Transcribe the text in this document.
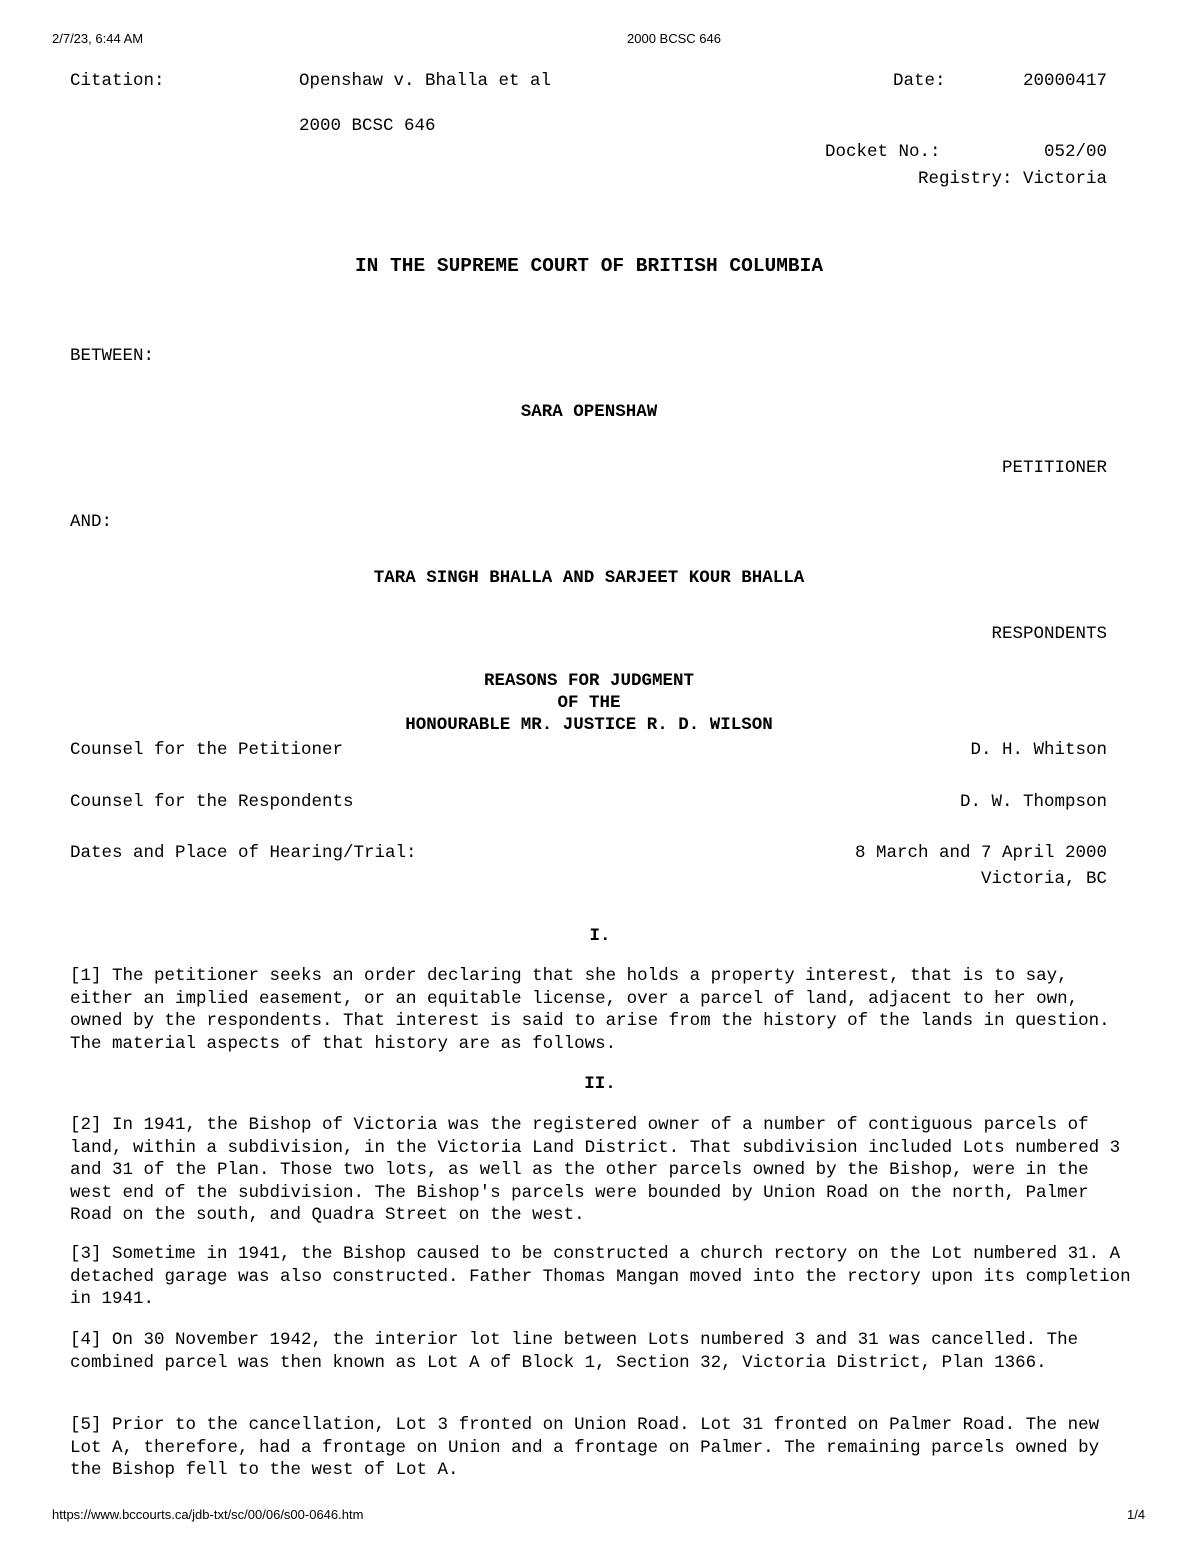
2/7/23, 6:44 AM	2000 BCSC 646
Citation:	Openshaw v. Bhalla et al	Date:	20000417
2000 BCSC 646
Docket No.:	052/00
Registry: Victoria
IN THE SUPREME COURT OF BRITISH COLUMBIA
BETWEEN:
SARA OPENSHAW
PETITIONER
AND:
TARA SINGH BHALLA AND SARJEET KOUR BHALLA
RESPONDENTS
REASONS FOR JUDGMENT
OF THE
HONOURABLE MR. JUSTICE R. D. WILSON
Counsel for the Petitioner	D. H. Whitson
Counsel for the Respondents	D. W. Thompson
Dates and Place of Hearing/Trial:	8 March and 7 April 2000
Victoria, BC
I.

[1] The petitioner seeks an order declaring that she holds a property interest, that is to say, either an implied easement, or an equitable license, over a parcel of land, adjacent to her own, owned by the respondents. That interest is said to arise from the history of the lands in question. The material aspects of that history are as follows.

II.

[2] In 1941, the Bishop of Victoria was the registered owner of a number of contiguous parcels of land, within a subdivision, in the Victoria Land District. That subdivision included Lots numbered 3 and 31 of the Plan. Those two lots, as well as the other parcels owned by the Bishop, were in the west end of the subdivision. The Bishop's parcels were bounded by Union Road on the north, Palmer Road on the south, and Quadra Street on the west.

[3] Sometime in 1941, the Bishop caused to be constructed a church rectory on the Lot numbered 31. A detached garage was also constructed. Father Thomas Mangan moved into the rectory upon its completion in 1941.

[4] On 30 November 1942, the interior lot line between Lots numbered 3 and 31 was cancelled. The combined parcel was then known as Lot A of Block 1, Section 32, Victoria District, Plan 1366.

[5] Prior to the cancellation, Lot 3 fronted on Union Road. Lot 31 fronted on Palmer Road. The new Lot A, therefore, had a frontage on Union and a frontage on Palmer. The remaining parcels owned by the Bishop fell to the west of Lot A.

https://www.bccourts.ca/jdb-txt/sc/00/06/s00-0646.htm	1/4
